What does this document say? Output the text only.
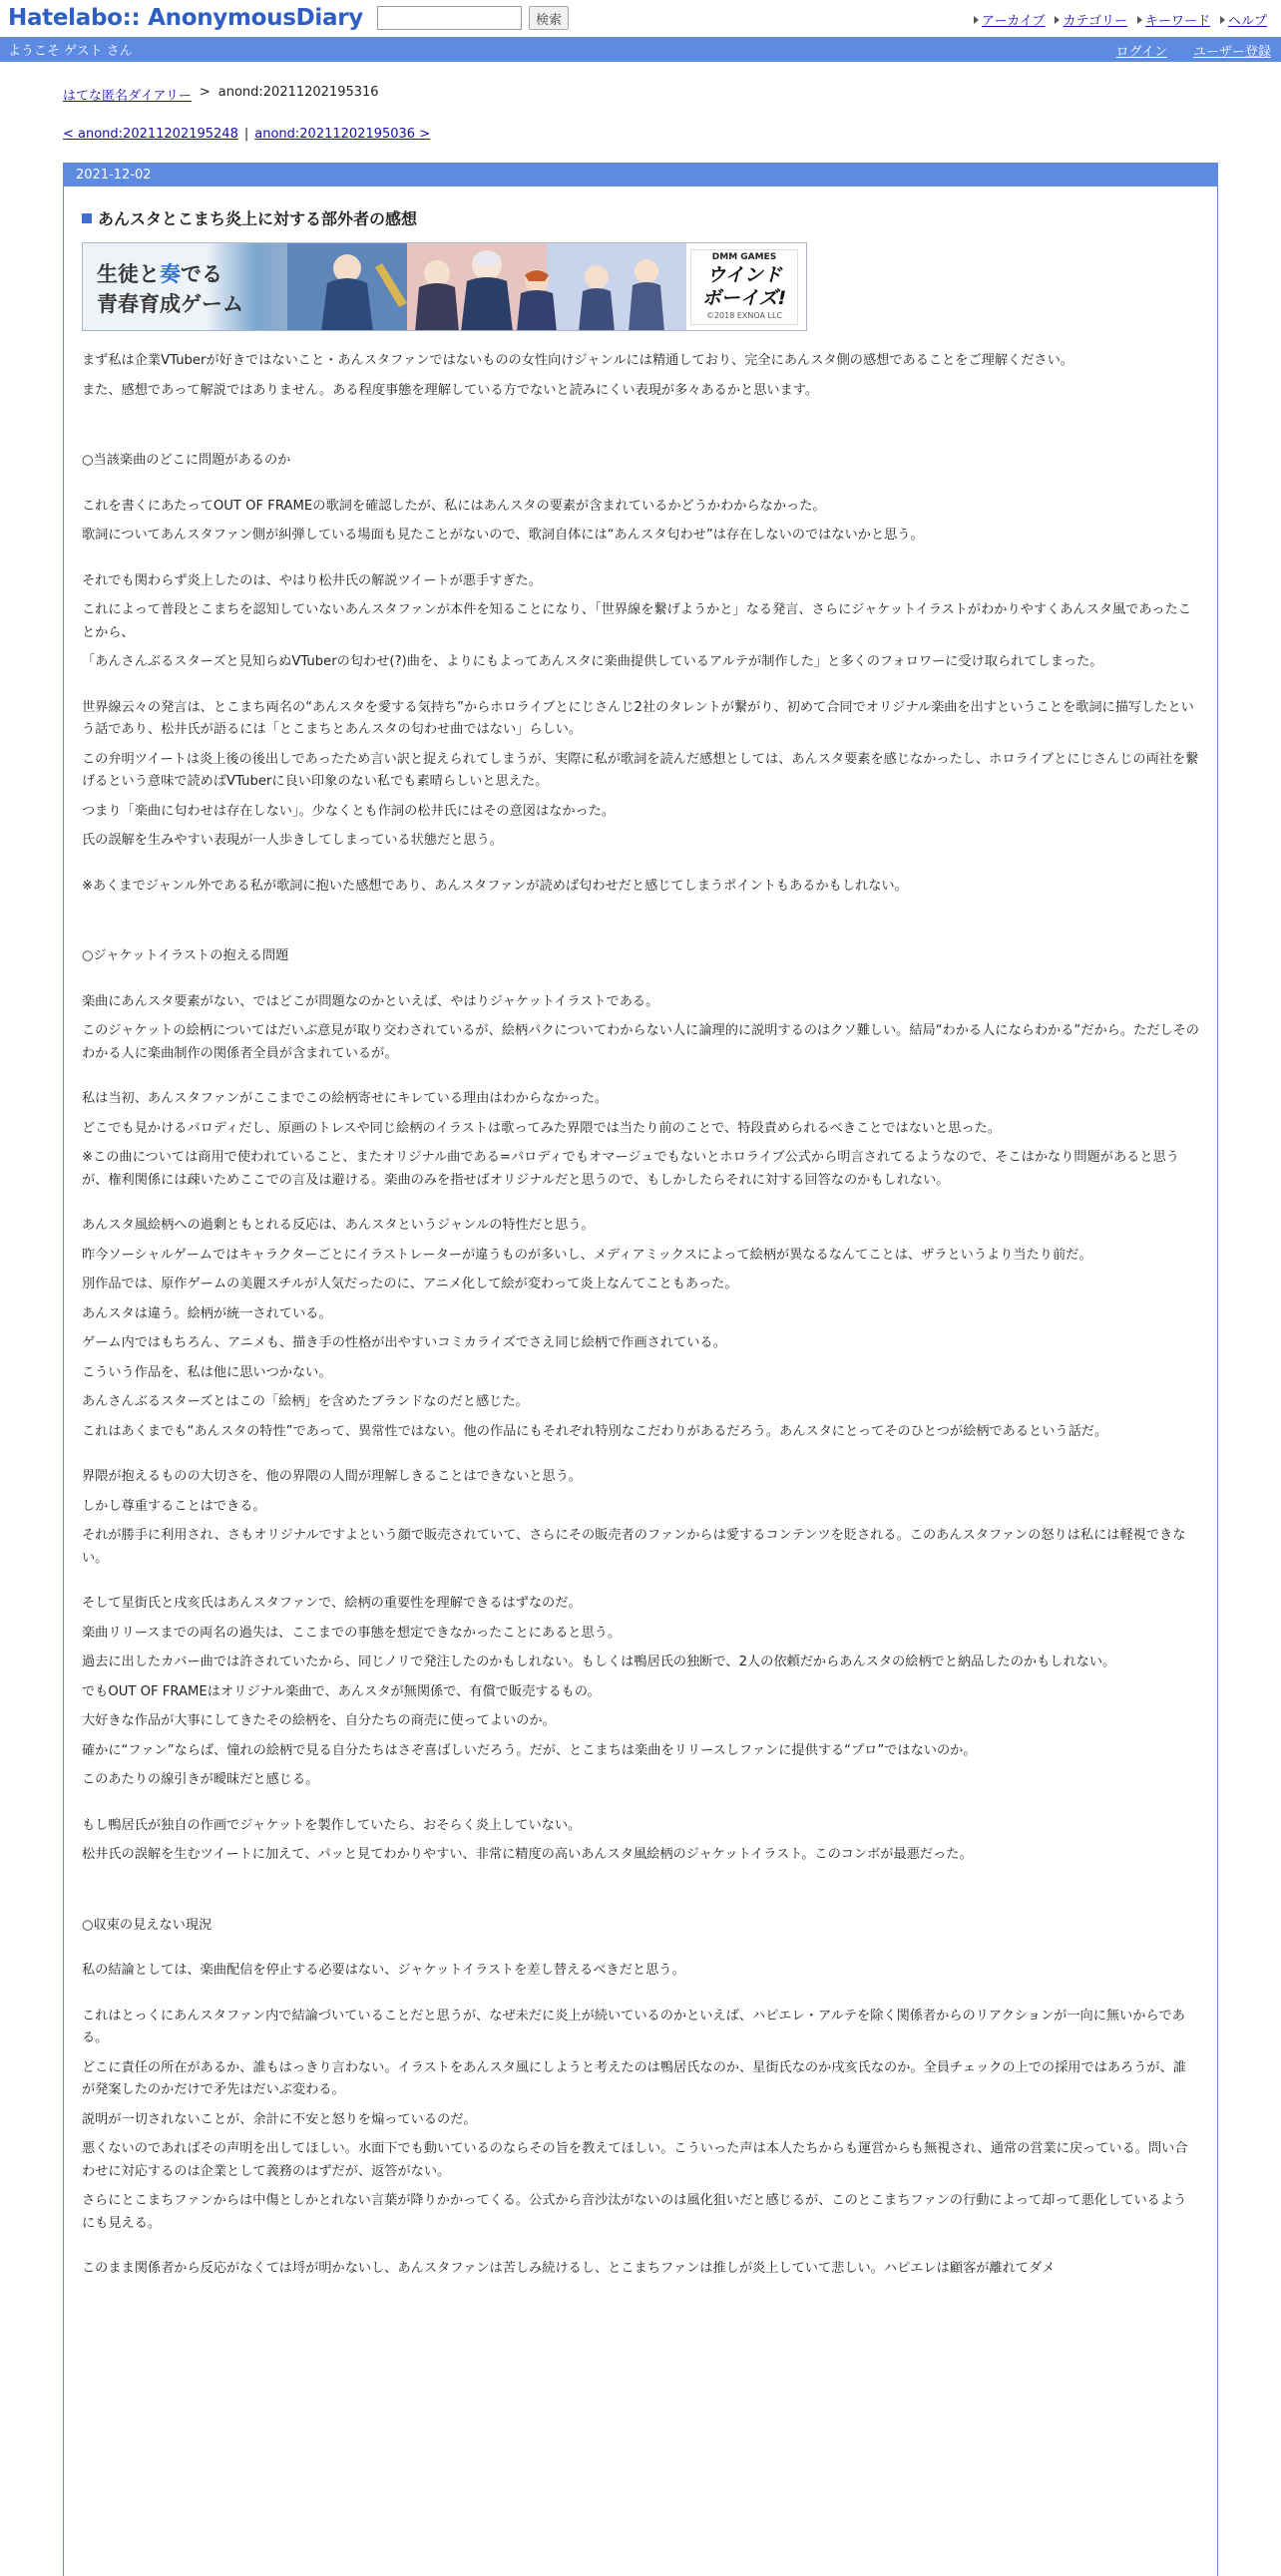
Hatelabo:: AnonymousDiary	検索	アーカイブ カテゴリー キーワード ヘルプ
ようこそ ゲスト さん	ログイン ユーザー登録
はてな匿名ダイアリー > anond:20211202195316
< anond:20211202195248 | anond:20211202195036 >
2021-12-02
あんスタとこまち炎上に対する部外者の感想
生徒と奏でる
青春育成ゲーム
DMM GAMES
ウインド
ボーイズ!
©2018 EXNOA LLC

まず私は企業VTuberが好きではないこと・あんスタファンではないものの女性向けジャンルには精通しており、完全にあんスタ側の感想であることをご理解ください。

また、感想であって解説ではありません。ある程度事態を理解している方でないと読みにくい表現が多々あるかと思います。

○当該楽曲のどこに問題があるのか

これを書くにあたってOUT OF FRAMEの歌詞を確認したが、私にはあんスタの要素が含まれているかどうかわからなかった。

歌詞についてあんスタファン側が糾弾している場面も見たことがないので、歌詞自体には“あんスタ匂わせ”は存在しないのではないかと思う。

それでも関わらず炎上したのは、やはり松井氏の解説ツイートが悪手すぎた。

これによって普段とこまちを認知していないあんスタファンが本件を知ることになり、「世界線を繋げようかと」なる発言、さらにジャケットイラストがわかりやすくあんスタ風であったことから、

「あんさんぶるスターズと見知らぬVTuberの匂わせ(?)曲を、よりにもよってあんスタに楽曲提供しているアルテが制作した」と多くのフォロワーに受け取られてしまった。

世界線云々の発言は、とこまち両名の“あんスタを愛する気持ち”からホロライブとにじさんじ2社のタレントが繋がり、初めて合同でオリジナル楽曲を出すということを歌詞に描写したという話であり、松井氏が語るには「とこまちとあんスタの匂わせ曲ではない」らしい。

この弁明ツイートは炎上後の後出しであったため言い訳と捉えられてしまうが、実際に私が歌詞を読んだ感想としては、あんスタ要素を感じなかったし、ホロライブとにじさんじの両社を繋げるという意味で読めばVTuberに良い印象のない私でも素晴らしいと思えた。

つまり「楽曲に匂わせは存在しない」。少なくとも作詞の松井氏にはその意図はなかった。

氏の誤解を生みやすい表現が一人歩きしてしまっている状態だと思う。

※あくまでジャンル外である私が歌詞に抱いた感想であり、あんスタファンが読めば匂わせだと感じてしまうポイントもあるかもしれない。

○ジャケットイラストの抱える問題

楽曲にあんスタ要素がない、ではどこが問題なのかといえば、やはりジャケットイラストである。

このジャケットの絵柄についてはだいぶ意見が取り交わされているが、絵柄パクについてわからない人に論理的に説明するのはクソ難しい。結局“わかる人にならわかる”だから。ただしそのわかる人に楽曲制作の関係者全員が含まれているが。

私は当初、あんスタファンがここまでこの絵柄寄せにキレている理由はわからなかった。

どこでも見かけるパロディだし、原画のトレスや同じ絵柄のイラストは歌ってみた界隈では当たり前のことで、特段責められるべきことではないと思った。

※この曲については商用で使われていること、またオリジナル曲である=パロディでもオマージュでもないとホロライブ公式から明言されてるようなので、そこはかなり問題があると思うが、権利関係には疎いためここでの言及は避ける。楽曲のみを指せばオリジナルだと思うので、もしかしたらそれに対する回答なのかもしれない。

あんスタ風絵柄への過剰ともとれる反応は、あんスタというジャンルの特性だと思う。

昨今ソーシャルゲームではキャラクターごとにイラストレーターが違うものが多いし、メディアミックスによって絵柄が異なるなんてことは、ザラというより当たり前だ。

別作品では、原作ゲームの美麗スチルが人気だったのに、アニメ化して絵が変わって炎上なんてこともあった。

あんスタは違う。絵柄が統一されている。

ゲーム内ではもちろん、アニメも、描き手の性格が出やすいコミカライズでさえ同じ絵柄で作画されている。

こういう作品を、私は他に思いつかない。

あんさんぶるスターズとはこの「絵柄」を含めたブランドなのだと感じた。

これはあくまでも“あんスタの特性”であって、異常性ではない。他の作品にもそれぞれ特別なこだわりがあるだろう。あんスタにとってそのひとつが絵柄であるという話だ。

界隈が抱えるものの大切さを、他の界隈の人間が理解しきることはできないと思う。

しかし尊重することはできる。

それが勝手に利用され、さもオリジナルですよという顔で販売されていて、さらにその販売者のファンからは愛するコンテンツを貶される。このあんスタファンの怒りは私には軽視できない。

そして星街氏と戌亥氏はあんスタファンで、絵柄の重要性を理解できるはずなのだ。

楽曲リリースまでの両名の過失は、ここまでの事態を想定できなかったことにあると思う。

過去に出したカバー曲では許されていたから、同じノリで発注したのかもしれない。もしくは鴨居氏の独断で、2人の依頼だからあんスタの絵柄でと納品したのかもしれない。

でもOUT OF FRAMEはオリジナル楽曲で、あんスタが無関係で、有償で販売するもの。

大好きな作品が大事にしてきたその絵柄を、自分たちの商売に使ってよいのか。

確かに“ファン”ならば、憧れの絵柄で見る自分たちはさぞ喜ばしいだろう。だが、とこまちは楽曲をリリースしファンに提供する“プロ”ではないのか。

このあたりの線引きが曖昧だと感じる。

もし鴨居氏が独自の作画でジャケットを製作していたら、おそらく炎上していない。

松井氏の誤解を生むツイートに加えて、パッと見てわかりやすい、非常に精度の高いあんスタ風絵柄のジャケットイラスト。このコンボが最悪だった。

○収束の見えない現況

私の結論としては、楽曲配信を停止する必要はない、ジャケットイラストを差し替えるべきだと思う。

これはとっくにあんスタファン内で結論づいていることだと思うが、なぜ未だに炎上が続いているのかといえば、ハピエレ・アルテを除く関係者からのリアクションが一向に無いからである。

どこに責任の所在があるか、誰もはっきり言わない。イラストをあんスタ風にしようと考えたのは鴨居氏なのか、星街氏なのか戌亥氏なのか。全員チェックの上での採用ではあろうが、誰が発案したのかだけで矛先はだいぶ変わる。

説明が一切されないことが、余計に不安と怒りを煽っているのだ。

悪くないのであればその声明を出してほしい。水面下でも動いているのならその旨を教えてほしい。こういった声は本人たちからも運営からも無視され、通常の営業に戻っている。問い合わせに対応するのは企業として義務のはずだが、返答がない。

さらにとこまちファンからは中傷としかとれない言葉が降りかかってくる。公式から音沙汰がないのは風化狙いだと感じるが、このとこまちファンの行動によって却って悪化しているようにも見える。

このまま関係者から反応がなくては埒が明かないし、あんスタファンは苦しみ続けるし、とこまちファンは推しが炎上していて悲しい。ハピエレは顧客が離れてダメ
